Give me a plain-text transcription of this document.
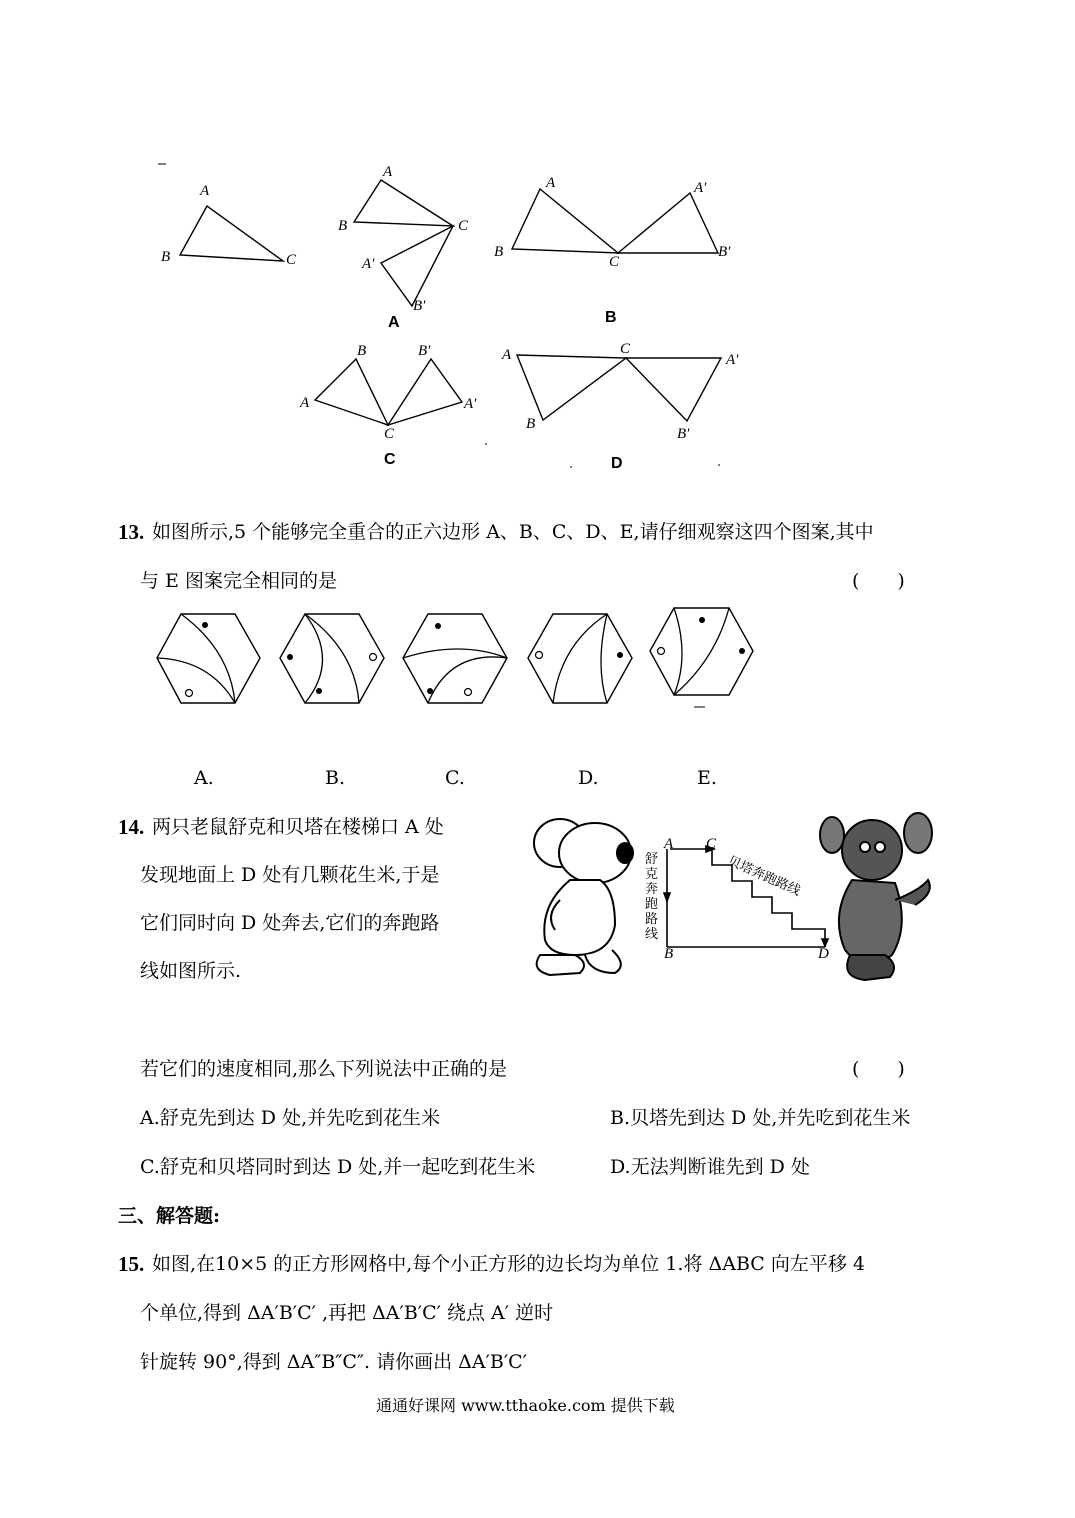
A
B	C
A
B	C
A′
B′
A
B
C
A′
B′
B
A
C
B′
A′
A
B
C
A′
B′
A	B
C	D
13. 如图所示,5 个能够完全重合的正六边形 A、B、C、D、E,请仔细观察这四个图案,其中
与 E 图案完全相同的是	(　　)
A.	B.	C.	D.	E.
14. 两只老鼠舒克和贝塔在楼梯口 A 处
发现地面上 D 处有几颗花生米,于是
它们同时向 D 处奔去,它们的奔跑路
线如图所示.
A C
B	D
舒克奔跑路线
贝塔奔跑路线
若它们的速度相同,那么下列说法中正确的是	(　　)
A.舒克先到达 D 处,并先吃到花生米	B.贝塔先到达 D 处,并先吃到花生米
C.舒克和贝塔同时到达 D 处,并一起吃到花生米	D.无法判断谁先到 D 处
三、解答题:
15. 如图,在10×5 的正方形网格中,每个小正方形的边长均为单位 1.将 ΔABC 向左平移 4
个单位,得到 ΔA′B′C′ ,再把 ΔA′B′C′ 绕点 A′ 逆时
针旋转 90°,得到 ΔA″B″C″. 请你画出 ΔA′B′C′
通通好课网 www.tthaoke.com 提供下载
